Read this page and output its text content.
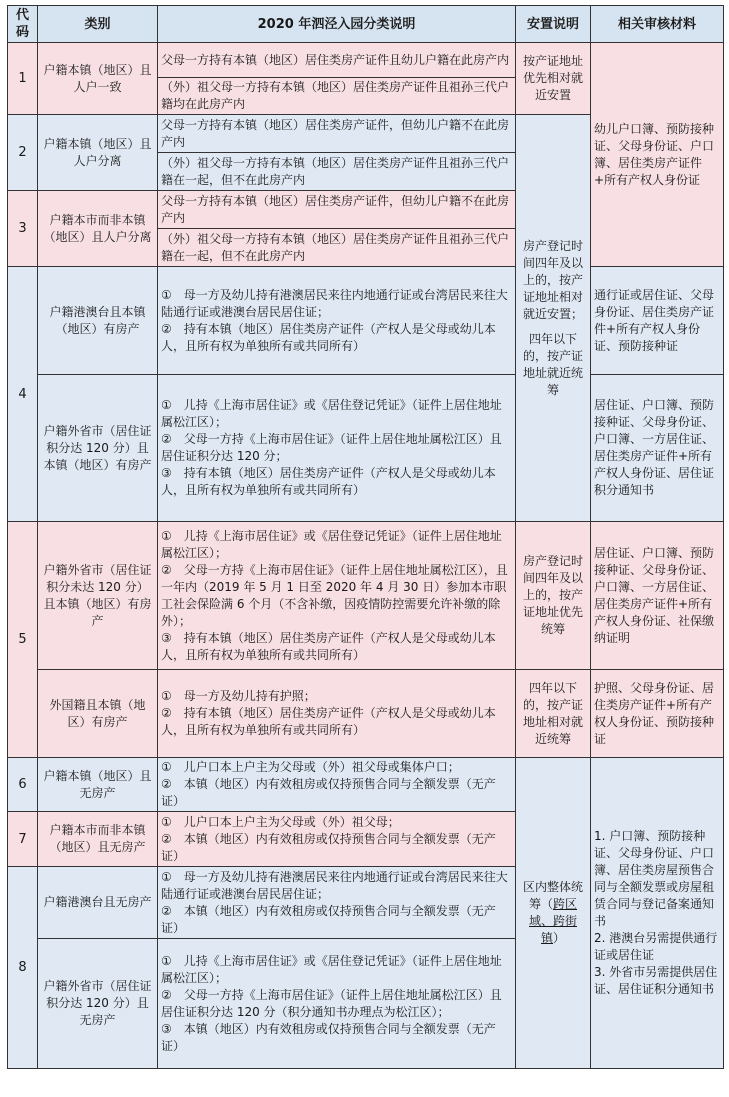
代码	类别	2020 年泗泾入园分类说明	安置说明	相关审核材料
1	户籍本镇（地区）且人户一致	父母一方持有本镇（地区）居住类房产证件且幼儿户籍在此房产内	按产证地址优先相对就近安置	幼儿户口簿、预防接种证、父母身份证、户口簿、居住类房产证件+所有产权人身份证
		（外）祖父母一方持有本镇（地区）居住类房产证件且祖孙三代户籍均在此房产内		
2	户籍本镇（地区）且人户分离	父母一方持有本镇（地区）居住类房产证件，但幼儿户籍不在此房产内	房产登记时间四年及以上的，按产证地址相对就近安置；
四年以下的，按产证地址就近统筹	

		（外）祖父母一方持有本镇（地区）居住类房产证件且祖孙三代户籍在一起，但不在此房产内		
3	户籍本市而非本镇（地区）且人户分离	父母一方持有本镇（地区）居住类房产证件，但幼儿户籍不在此房产内		
		（外）祖父母一方持有本镇（地区）居住类房产证件且祖孙三代户籍在一起，但不在此房产内		
4	户籍港澳台且本镇（地区）有房产	①　母一方及幼儿持有港澳居民来往内地通行证或台湾居民来往大陆通行证或港澳台居民居住证；
②　持有本镇（地区）居住类房产证件（产权人是父母或幼儿本人，且所有权为单独所有或共同所有）		通行证或居住证、父母身份证、居住类房产证件+所有产权人身份证、预防接种证

	户籍外省市（居住证积分达 120 分）且本镇（地区）有房产	①　儿持《上海市居住证》或《居住登记凭证》（证件上居住地址属松江区）；
②　父母一方持《上海市居住证》（证件上居住地址属松江区）且居住证积分达 120 分；
③　持有本镇（地区）居住类房产证件（产权人是父母或幼儿本人，且所有权为单独所有或共同所有）		居住证、户口簿、预防接种证、父母身份证、户口簿、一方居住证、居住类房产证件+所有产权人身份证、居住证积分通知书

5	户籍外省市（居住证积分未达 120 分）且本镇（地区）有房产	①　儿持《上海市居住证》或《居住登记凭证》（证件上居住地址属松江区）；
②　父母一方持《上海市居住证》（证件上居住地址属松江区），且一年内（2019 年 5 月 1 日至 2020 年 4 月 30 日）参加本市职工社会保险满 6 个月（不含补缴，因疫情防控需要允许补缴的除外）；
③　持有本镇（地区）居住类房产证件（产权人是父母或幼儿本人，且所有权为单独所有或共同所有）	房产登记时间四年及以上的，按产证地址优先统筹	居住证、户口簿、预防接种证、父母身份证、户口簿、一方居住证、居住类房产证件+所有产权人身份证、社保缴纳证明
	外国籍且本镇（地区）有房产	①　母一方及幼儿持有护照；
②　持有本镇（地区）居住类房产证件（产权人是父母或幼儿本人，且所有权为单独所有或共同所有）	四年以下的，按产证地址相对就近统筹	护照、父母身份证、居住类房产证件+所有产权人身份证、预防接种证
6	户籍本镇（地区）且无房产	①　儿户口本上户主为父母或（外）祖父母或集体户口；
②　本镇（地区）内有效租房或仅持预售合同与全额发票（无产证）	区内整体统筹（跨区域、跨街镇）	1. 户口簿、预防接种证、父母身份证、户口簿、居住类房屋预售合同与全额发票或房屋租赁合同与登记备案通知书
2. 港澳台另需提供通行证或居住证
3. 外省市另需提供居住证、居住证积分通知书
7	户籍本市而非本镇（地区）且无房产	①　儿户口本上户主为父母或（外）祖父母；
②　本镇（地区）内有效租房或仅持预售合同与全额发票（无产证）		

8	户籍港澳台且无房产	①　母一方及幼儿持有港澳居民来往内地通行证或台湾居民来往大陆通行证或港澳台居民居住证；
②　本镇（地区）内有效租房或仅持预售合同与全额发票（无产证）		

	户籍外省市（居住证积分达 120 分）且无房产	①　儿持《上海市居住证》或《居住登记凭证》（证件上居住地址属松江区）；
②　父母一方持《上海市居住证》（证件上居住地址属松江区）且居住证积分达 120 分（积分通知书办理点为松江区）；
③　本镇（地区）内有效租房或仅持预售合同与全额发票（无产证）		
